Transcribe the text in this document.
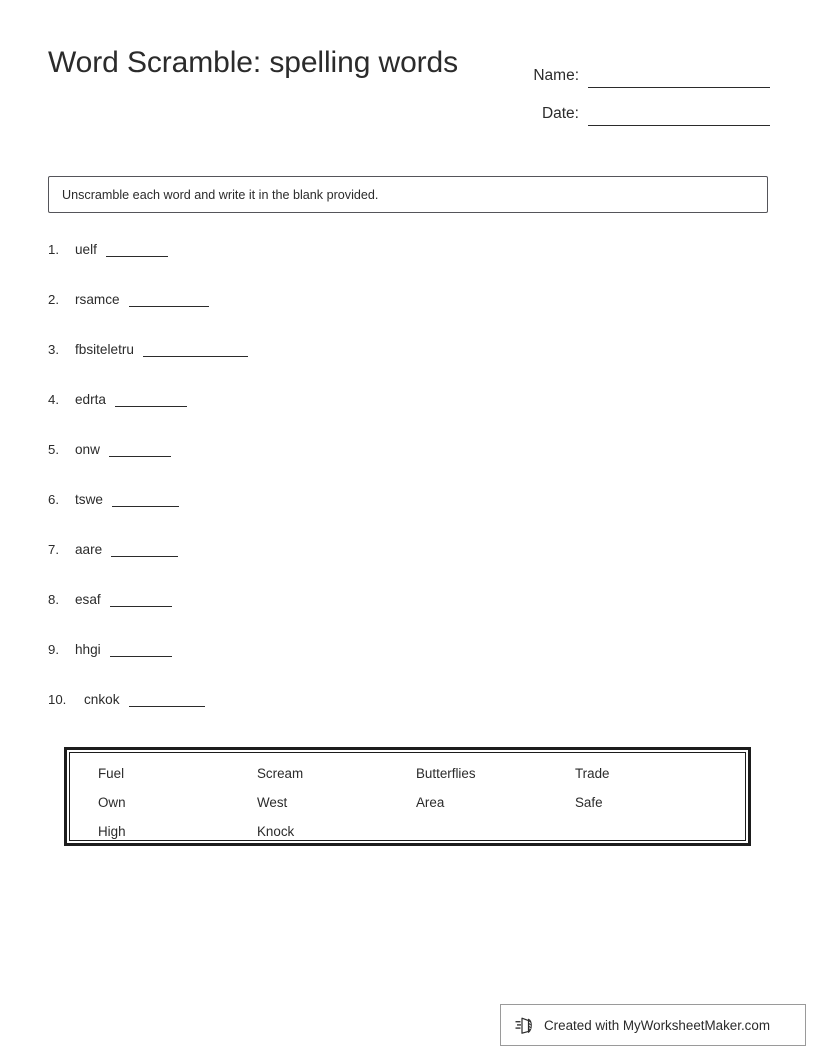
Word Scramble: spelling words	Name:
Date:
Unscramble each word and write it in the blank provided.
1.	uelf
2.	rsamce
3.	fbsiteletru
4.	edrta
5.	onw
6.	tswe
7.	aare
8.	esaf
9.	hhgi
10.	cnkok
Fuel	Scream	Butterflies	Trade
Own	West	Area	Safe
High	Knock
Created with MyWorksheetMaker.com
